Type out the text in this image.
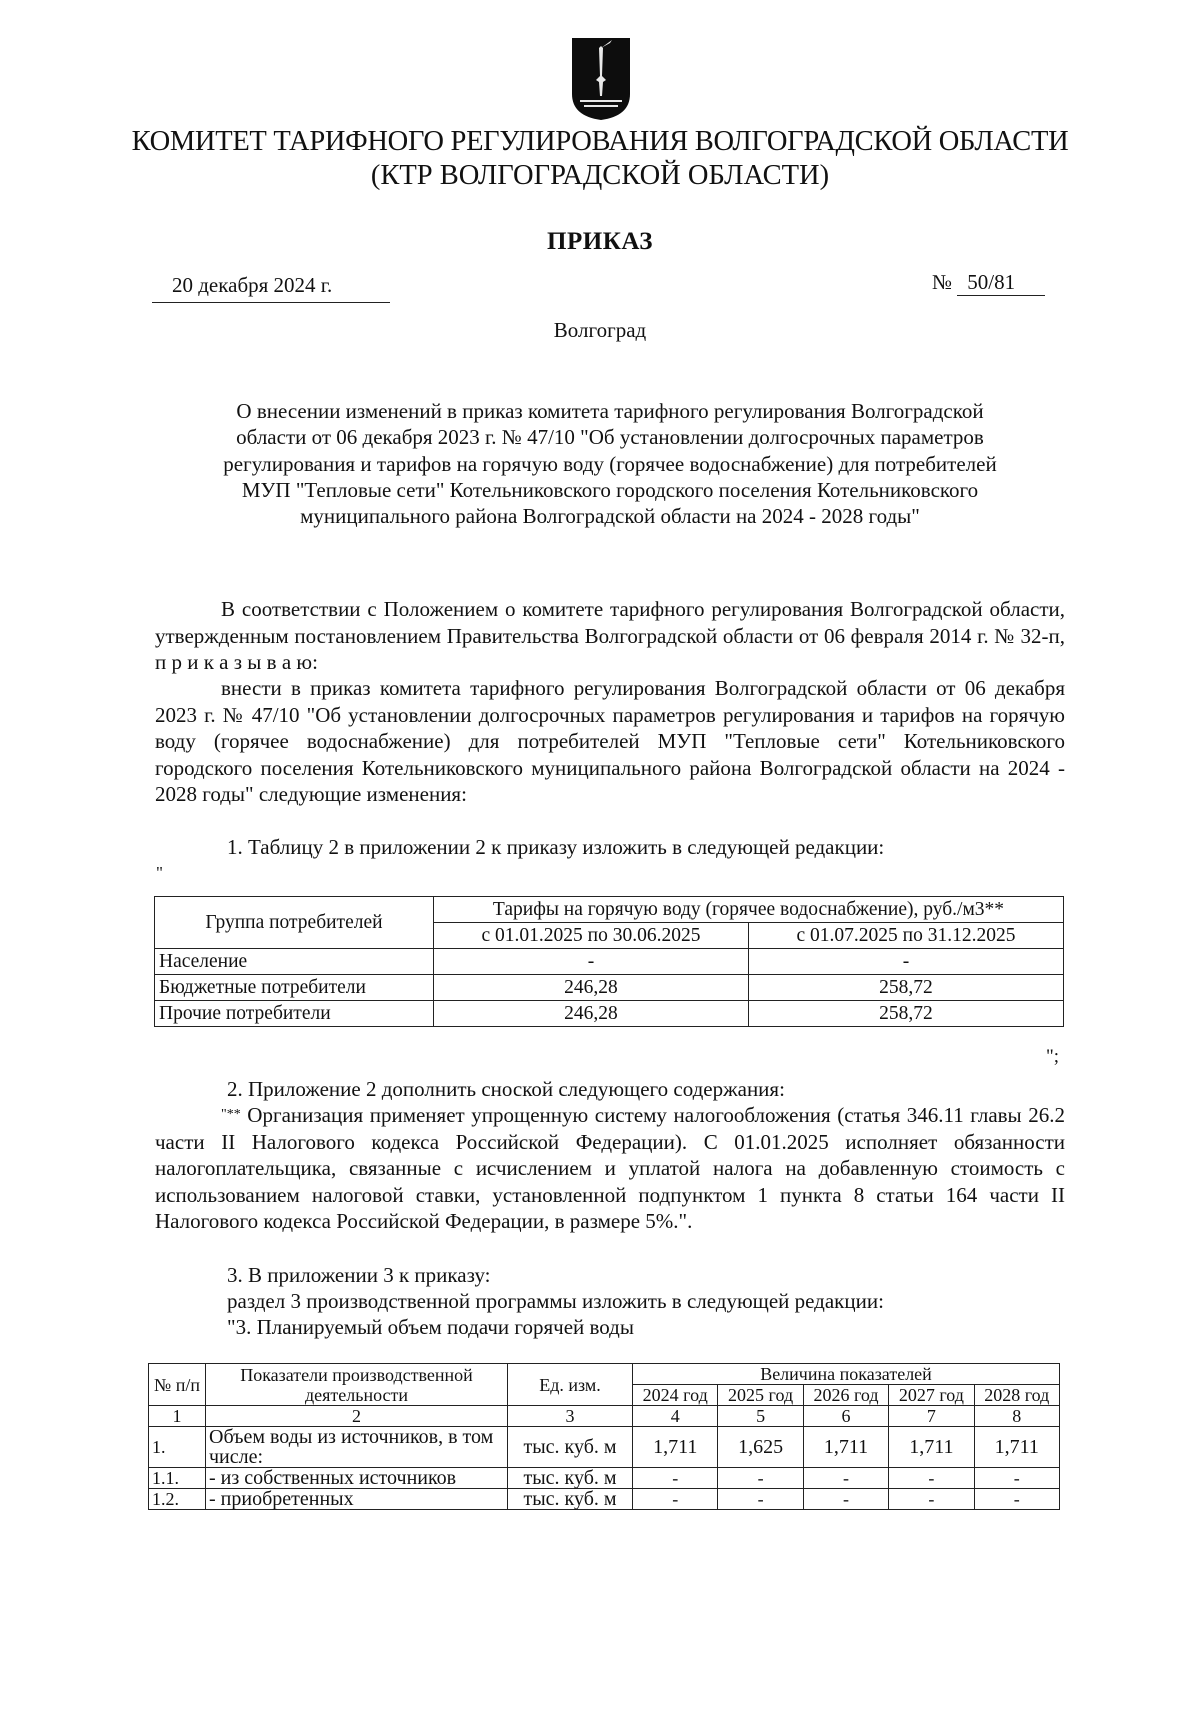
КОМИТЕТ ТАРИФНОГО РЕГУЛИРОВАНИЯ ВОЛГОГРАДСКОЙ ОБЛАСТИ
(КТР ВОЛГОГРАДСКОЙ ОБЛАСТИ)
ПРИКАЗ
20 декабря 2024 г.	№ 50/81
Волгоград
О внесении изменений в приказ комитета тарифного регулирования Волгоградской
области от 06 декабря 2023 г. № 47/10 "Об установлении долгосрочных параметров
регулирования и тарифов на горячую воду (горячее водоснабжение) для потребителей
МУП "Тепловые сети" Котельниковского городского поселения Котельниковского
муниципального района Волгоградской области на 2024 - 2028 годы"
В соответствии с Положением о комитете тарифного регулирования Волгоградской области, утвержденным постановлением Правительства Волгоградской области от 06 февраля 2014 г. № 32-п, п р и к а з ы в а ю:
внести в приказ комитета тарифного регулирования Волгоградской области от 06 декабря 2023 г. № 47/10 "Об установлении долгосрочных параметров регулирования и тарифов на горячую воду (горячее водоснабжение) для потребителей МУП "Тепловые сети" Котельниковского городского поселения Котельниковского муниципального района Волгоградской области на 2024 - 2028 годы" следующие изменения:
1. Таблицу 2 в приложении 2 к приказу изложить в следующей редакции:
"
Группа потребителей	Тарифы на горячую воду (горячее водоснабжение), руб./м3**	
	с 01.01.2025 по 30.06.2025	с 01.07.2025 по 31.12.2025
Население	-	-
Бюджетные потребители	246,28	258,72
Прочие потребители	246,28	258,72
";
2. Приложение 2 дополнить сноской следующего содержания:
"** Организация применяет упрощенную систему налогообложения (статья 346.11 главы 26.2 части II Налогового кодекса Российской Федерации). С 01.01.2025 исполняет обязанности налогоплательщика, связанные с исчислением и уплатой налога на добавленную стоимость с использованием налоговой ставки, установленной подпунктом 1 пункта 8 статьи 164 части II Налогового кодекса Российской Федерации, в размере 5%.".
3. В приложении 3 к приказу:
раздел 3 производственной программы изложить в следующей редакции:
"3. Планируемый объем подачи горячей воды
№ п/п	Показатели производственной деятельности	Ед. изм.	Величина показателей				
			2024 год	2025 год	2026 год	2027 год	2028 год
1	2	3	4	5	6	7	8
1.	Объем воды из источников, в том числе:	тыс. куб. м	1,711	1,625	1,711	1,711	1,711
1.1.	- из собственных источников	тыс. куб. м	-	-	-	-	-
1.2.	- приобретенных	тыс. куб. м	-	-	-	-	-
